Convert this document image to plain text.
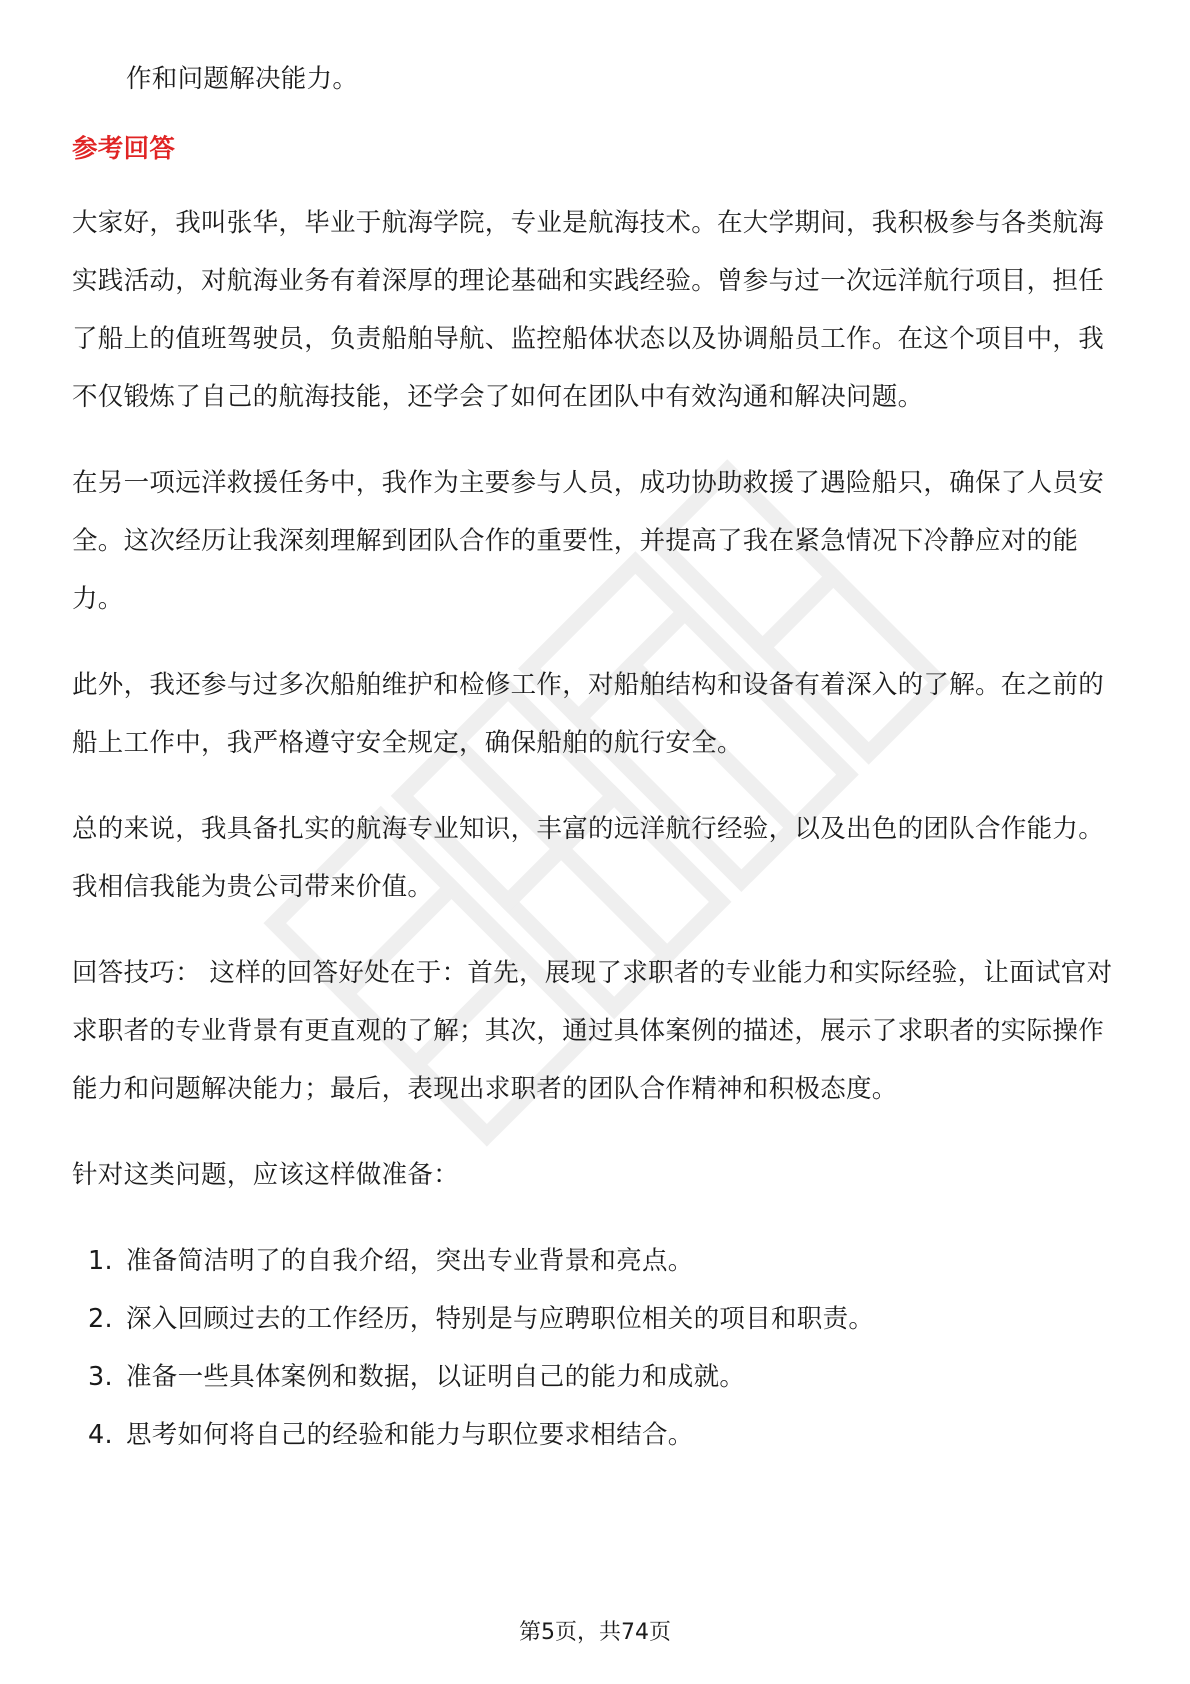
作和问题解决能力。

参考回答

大家好，我叫张华，毕业于航海学院，专业是航海技术。在大学期间，我积极参与各类航海实践活动，对航海业务有着深厚的理论基础和实践经验。曾参与过一次远洋航行项目，担任了船上的值班驾驶员，负责船舶导航、监控船体状态以及协调船员工作。在这个项目中，我不仅锻炼了自己的航海技能，还学会了如何在团队中有效沟通和解决问题。

在另一项远洋救援任务中，我作为主要参与人员，成功协助救援了遇险船只，确保了人员安全。这次经历让我深刻理解到团队合作的重要性，并提高了我在紧急情况下冷静应对的能力。

此外，我还参与过多次船舶维护和检修工作，对船舶结构和设备有着深入的了解。在之前的船上工作中，我严格遵守安全规定，确保船舶的航行安全。

总的来说，我具备扎实的航海专业知识，丰富的远洋航行经验，以及出色的团队合作能力。我相信我能为贵公司带来价值。

回答技巧： 这样的回答好处在于：首先，展现了求职者的专业能力和实际经验，让面试官对求职者的专业背景有更直观的了解；其次，通过具体案例的描述，展示了求职者的实际操作能力和问题解决能力；最后，表现出求职者的团队合作精神和积极态度。

针对这类问题，应该这样做准备：

1. 准备简洁明了的自我介绍，突出专业背景和亮点。
2. 深入回顾过去的工作经历，特别是与应聘职位相关的项目和职责。
3. 准备一些具体案例和数据，以证明自己的能力和成就。
4. 思考如何将自己的经验和能力与职位要求相结合。
第5页，共74页
